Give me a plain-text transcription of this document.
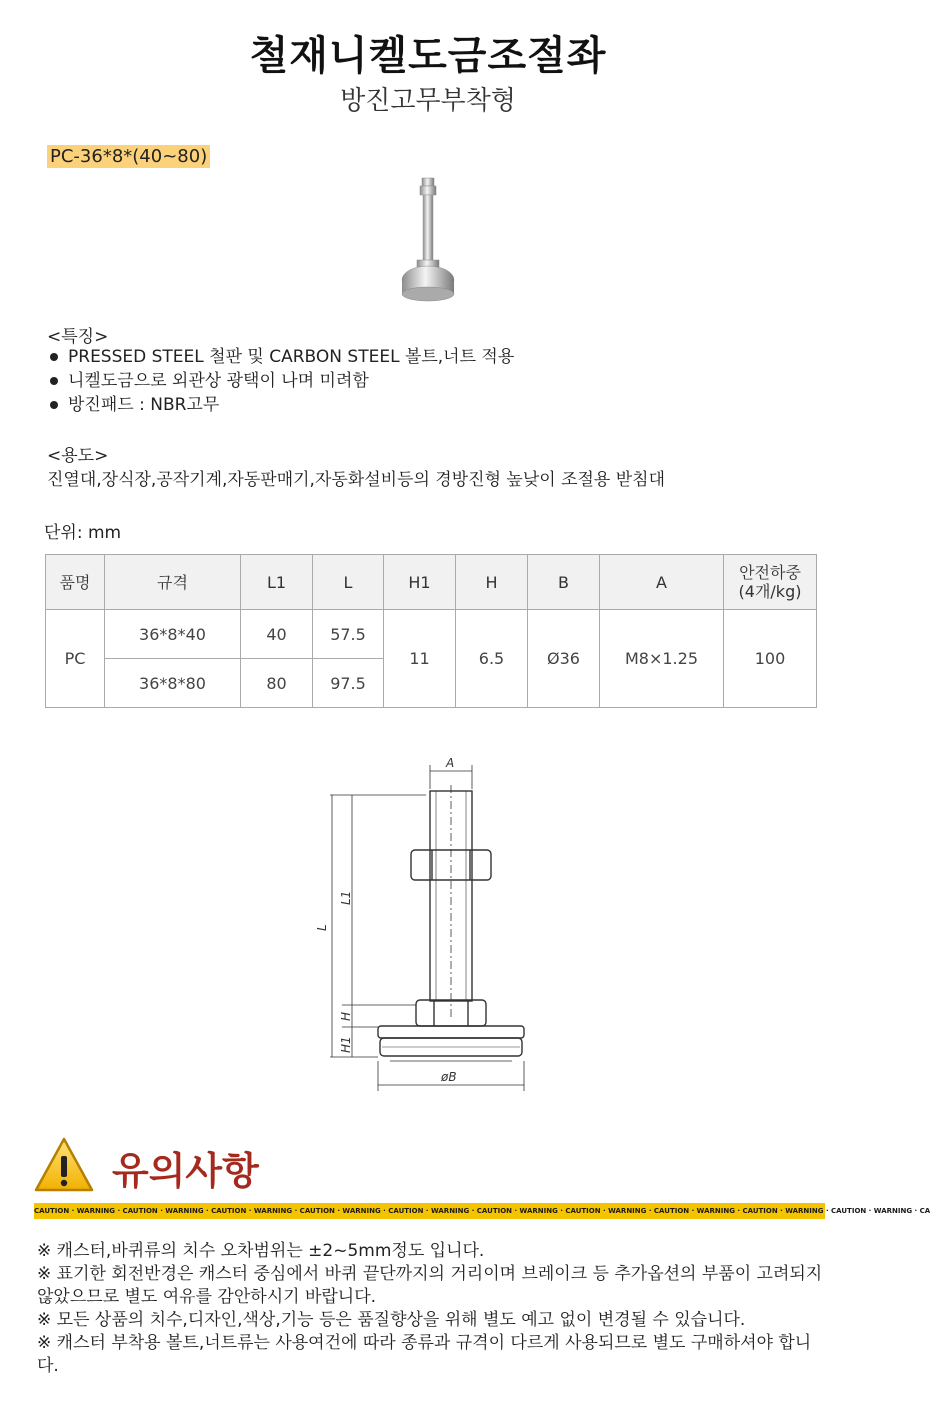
철재니켈도금조절좌
방진고무부착형
PC-36*8*(40~80)
<특징>
PRESSED STEEL 철판 및 CARBON STEEL 볼트,너트 적용
니켈도금으로 외관상 광택이 나며 미려함
방진패드 : NBR고무
<용도>
진열대,장식장,공작기계,자동판매기,자동화설비등의 경방진형 높낮이 조절용 받침대
단위: mm
품명	규격	L1	L	H1	H	B	A	안전하중
(4개/kg)
PC	36*8*40	40	57.5	11	6.5	Ø36	M8×1.25	100
	36*8*80	80	97.5					
A
L
L1
H
H1
øB
유의사항
CAUTION · WARNING · CAUTION · WARNING · CAUTION · WARNING · CAUTION · WARNING · CAUTION · WARNING · CAUTION · WARNING · CAUTION · WARNING · CAUTION · WARNING · CAUTION · WARNING · CAUTION · WARNING · CA

※ 캐스터,바퀴류의 치수 오차범위는 ±2~5mm정도 입니다.

※ 표기한 회전반경은 캐스터 중심에서 바퀴 끝단까지의 거리이며 브레이크 등 추가옵션의 부품이 고려되지 않았으므로 별도 여유를 감안하시기 바랍니다.

※ 모든 상품의 치수,디자인,색상,기능 등은 품질향상을 위해 별도 예고 없이 변경될 수 있습니다.

※ 캐스터 부착용 볼트,너트류는 사용여건에 따라 종류과 규격이 다르게 사용되므로 별도 구매하셔야 합니다.
